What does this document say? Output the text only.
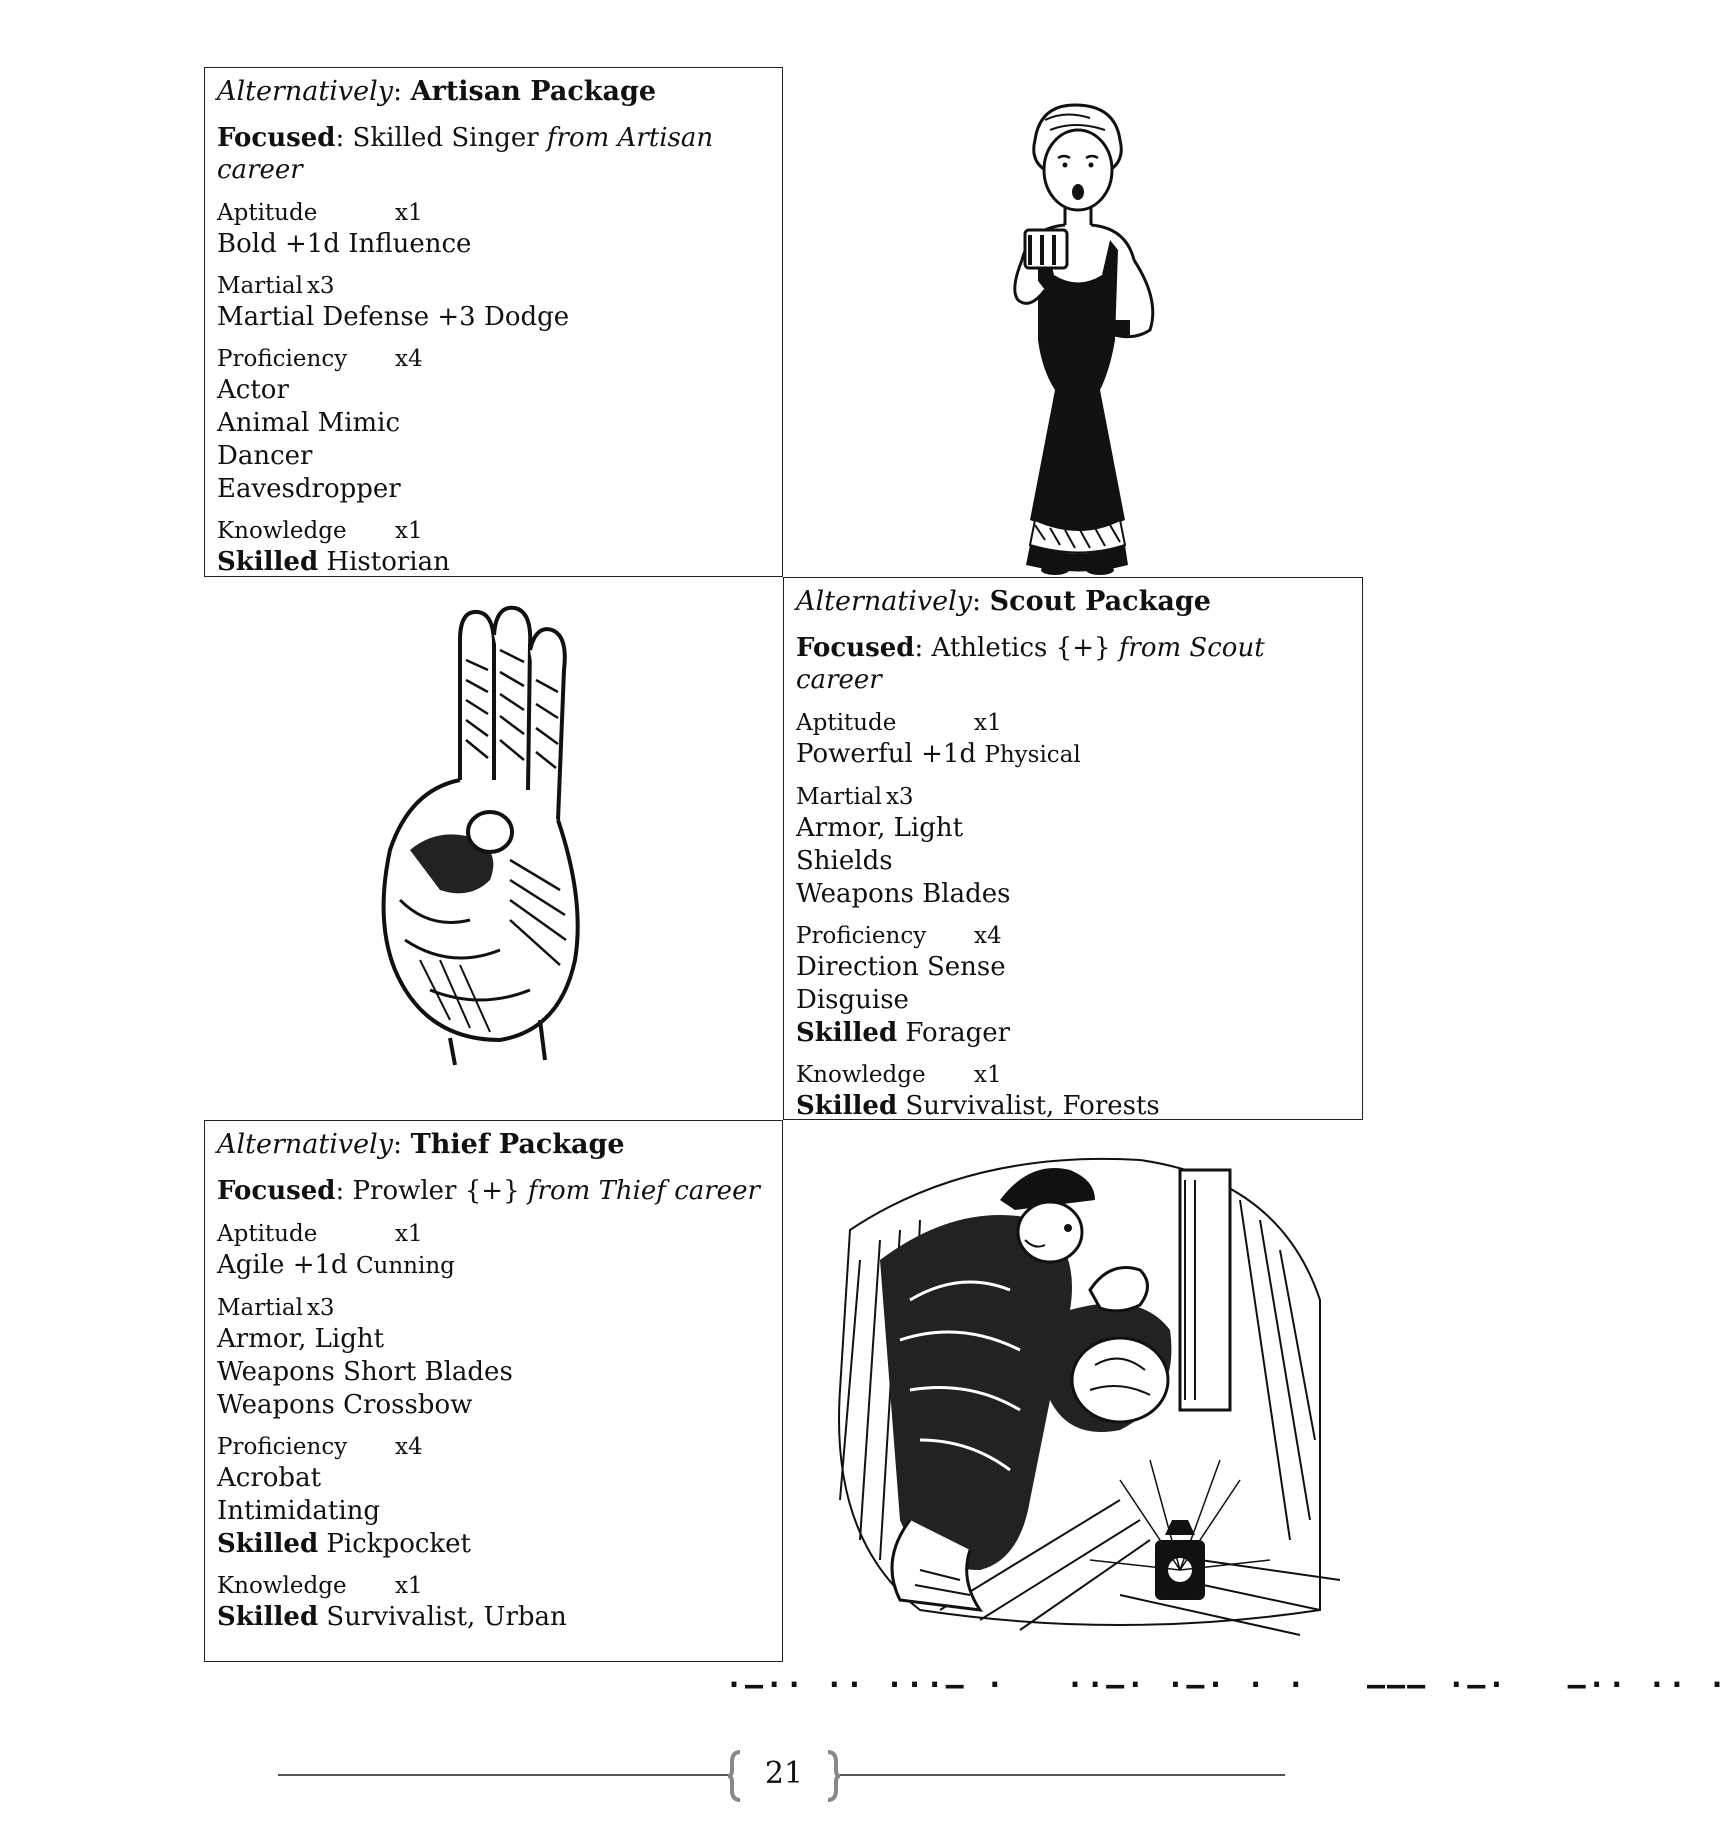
Alternatively: Artisan Package
Focused: Skilled Singer from Artisan career
Aptitude	x1
Bold +1d Influence
Martial x3
Martial Defense +3 Dodge
Proficiency x4
Actor
Animal Mimic
Dancer
Eavesdropper
Knowledge x1
Skilled Historian
Alternatively: Scout Package
Focused: Athletics {+} from Scout career
Aptitude	x1
Powerful +1d Physical
Martial x3
Armor, Light
Shields
Weapons Blades
Proficiency x4
Direction Sense
Disguise
Skilled Forager
Knowledge x1
Skilled Survivalist, Forests
Alternatively: Thief Package
Focused: Prowler {+} from Thief career
Aptitude	x1
Agile +1d Cunning
Martial x3
Armor, Light
Weapons Short Blades
Weapons Crossbow
Proficiency x4
Acrobat
Intimidating
Skilled Pickpocket
Knowledge x1
Skilled Survivalist, Urban
·–·· ·· ···– ·   ··–· ·–· · ·   ––– ·–·   –·· ·· ·
21
